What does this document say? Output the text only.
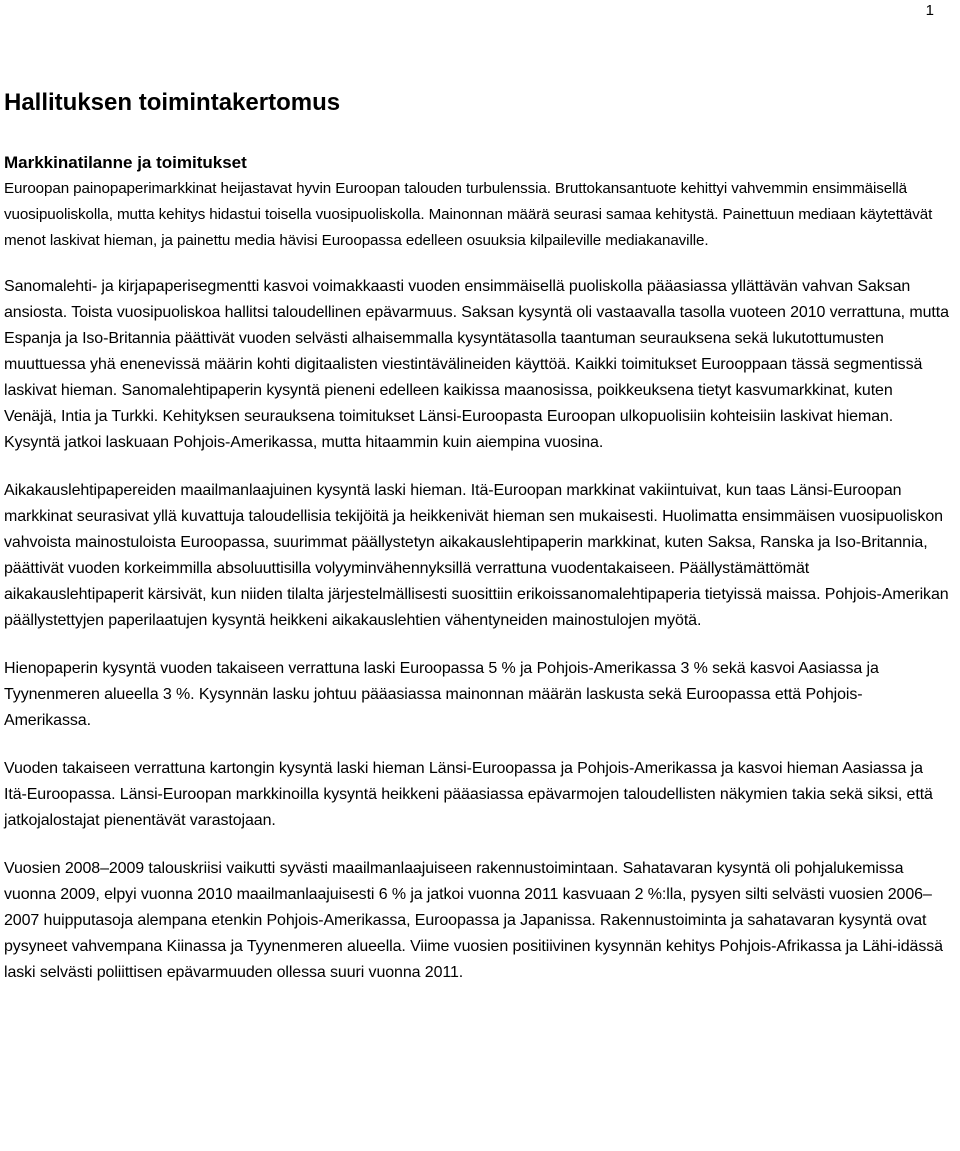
1
Hallituksen toimintakertomus
Markkinatilanne ja toimitukset

Euroopan painopaperimarkkinat heijastavat hyvin Euroopan talouden turbulenssia. Bruttokansantuote kehittyi vahvemmin ensimmäisellä vuosipuoliskolla, mutta kehitys hidastui toisella vuosipuoliskolla. Mainonnan määrä seurasi samaa kehitystä. Painettuun mediaan käytettävät menot laskivat hieman, ja painettu media hävisi Euroopassa edelleen osuuksia kilpaileville mediakanaville.

Sanomalehti- ja kirjapaperisegmentti kasvoi voimakkaasti vuoden ensimmäisellä puoliskolla pääasiassa yllättävän vahvan Saksan ansiosta. Toista vuosipuoliskoa hallitsi taloudellinen epävarmuus. Saksan kysyntä oli vastaavalla tasolla vuoteen 2010 verrattuna, mutta Espanja ja Iso-Britannia päättivät vuoden selvästi alhaisemmalla kysyntätasolla taantuman seurauksena sekä lukutottumusten muuttuessa yhä enenevissä määrin kohti digitaalisten viestintävälineiden käyttöä. Kaikki toimitukset Eurooppaan tässä segmentissä laskivat hieman. Sanomalehtipaperin kysyntä pieneni edelleen kaikissa maanosissa, poikkeuksena tietyt kasvumarkkinat, kuten Venäjä, Intia ja Turkki. Kehityksen seurauksena toimitukset Länsi-Euroopasta Euroopan ulkopuolisiin kohteisiin laskivat hieman. Kysyntä jatkoi laskuaan Pohjois-Amerikassa, mutta hitaammin kuin aiempina vuosina.

Aikakauslehtipapereiden maailmanlaajuinen kysyntä laski hieman. Itä-Euroopan markkinat vakiintuivat, kun taas Länsi-Euroopan markkinat seurasivat yllä kuvattuja taloudellisia tekijöitä ja heikkenivät hieman sen mukaisesti. Huolimatta ensimmäisen vuosipuoliskon vahvoista mainostuloista Euroopassa, suurimmat päällystetyn aikakauslehtipaperin markkinat, kuten Saksa, Ranska ja Iso-Britannia, päättivät vuoden korkeimmilla absoluuttisilla volyyminvähennyksillä verrattuna vuodentakaiseen. Päällystämättömät aikakauslehtipaperit kärsivät, kun niiden tilalta järjestelmällisesti suosittiin erikoissanomalehtipaperia tietyissä maissa. Pohjois-Amerikan päällystettyjen paperilaatujen kysyntä heikkeni aikakauslehtien vähentyneiden mainostulojen myötä.

Hienopaperin kysyntä vuoden takaiseen verrattuna laski Euroopassa 5 % ja Pohjois-Amerikassa 3 % sekä kasvoi Aasiassa ja Tyynenmeren alueella 3 %. Kysynnän lasku johtuu pääasiassa mainonnan määrän laskusta sekä Euroopassa että Pohjois-Amerikassa.

Vuoden takaiseen verrattuna kartongin kysyntä laski hieman Länsi-Euroopassa ja Pohjois-Amerikassa ja kasvoi hieman Aasiassa ja Itä-Euroopassa. Länsi-Euroopan markkinoilla kysyntä heikkeni pääasiassa epävarmojen taloudellisten näkymien takia sekä siksi, että jatkojalostajat pienentävät varastojaan.

Vuosien 2008–2009 talouskriisi vaikutti syvästi maailmanlaajuiseen rakennustoimintaan. Sahatavaran kysyntä oli pohjalukemissa vuonna 2009, elpyi vuonna 2010 maailmanlaajuisesti 6 % ja jatkoi vuonna 2011 kasvuaan 2 %:lla, pysyen silti selvästi vuosien 2006–2007 huipputasoja alempana etenkin Pohjois-Amerikassa, Euroopassa ja Japanissa. Rakennustoiminta ja sahatavaran kysyntä ovat pysyneet vahvempana Kiinassa ja Tyynenmeren alueella. Viime vuosien positiivinen kysynnän kehitys Pohjois-Afrikassa ja Lähi-idässä laski selvästi poliittisen epävarmuuden ollessa suuri vuonna 2011.
